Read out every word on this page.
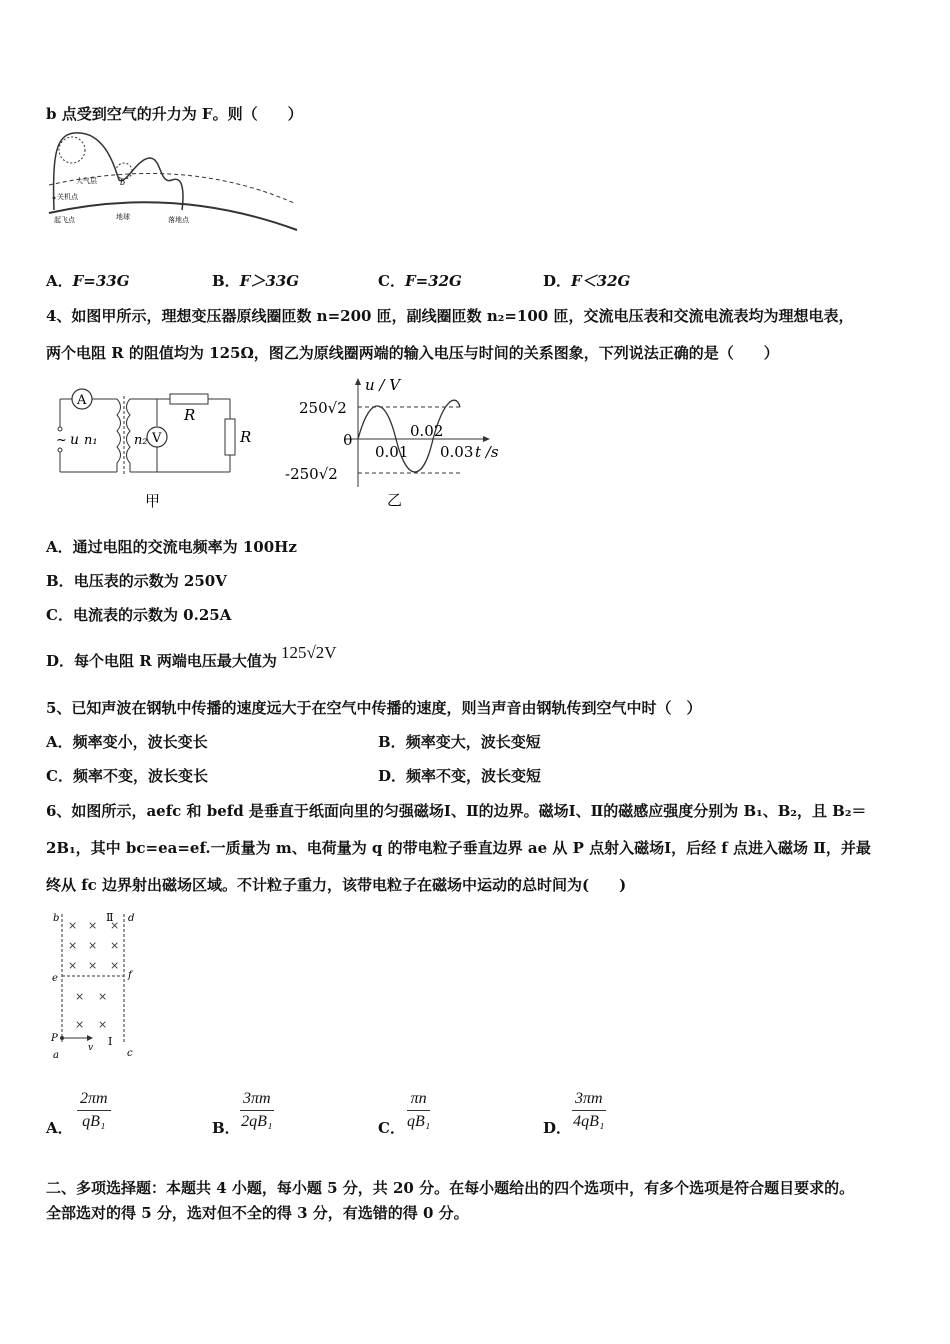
b 点受到空气的升力为 F。则（　　）
大气层
关机点
起飞点	地球	落地点
b
A．F=33G	B．F＞33G	C．F=32G	D．F＜32G
4、如图甲所示，理想变压器原线圈匝数 n=200 匝，副线圈匝数 n₂=100 匝，交流电压表和交流电流表均为理想电表，
两个电阻 R 的阻值均为 125Ω，图乙为原线圈两端的输入电压与时间的关系图象，下列说法正确的是（　　）
A
~ u n₁	n₂ V
R
R
甲
u / V
t /s
250√2
0
-250√2
0.01
0.02
0.03
乙
A．通过电阻的交流电频率为 100Hz
B．电压表的示数为 250V
C．电流表的示数为 0.25A
D．每个电阻 R 两端电压最大值为 125√2V
5、已知声波在钢轨中传播的速度远大于在空气中传播的速度，则当声音由钢轨传到空气中时（　）
A．频率变小，波长变长	B．频率变大，波长变短
C．频率不变，波长变长	D．频率不变，波长变短
6、如图所示，aefc 和 befd 是垂直于纸面向里的匀强磁场Ⅰ、Ⅱ的边界。磁场Ⅰ、Ⅱ的磁感应强度分别为 B₁、B₂，且 B₂＝
2B₁，其中 bc=ea=ef.一质量为 m、电荷量为 q 的带电粒子垂直边界 ae 从 P 点射入磁场Ⅰ，后经 f 点进入磁场 Ⅱ，并最
终从 fc 边界射出磁场区域。不计粒子重力，该带电粒子在磁场中运动的总时间为(　　)
b	Ⅱ d
e	f
P
v Ⅰ
a	c
× × ×
× × ×
× × ×
× ×
× ×
A． $\frac{2\pi m}{\text{qB₁}}$	B． $\frac{3\pi m}{\text{2qB₁}}$	C． $\frac{\pi n}{\text{qB₁}}$	D． $\frac{3\pi m}{\text{4qB₁}}$
二、多项选择题：本题共 4 小题，每小题 5 分，共 20 分。在每小题给出的四个选项中，有多个选项是符合题目要求的。
全部选对的得 5 分，选对但不全的得 3 分，有选错的得 0 分。
